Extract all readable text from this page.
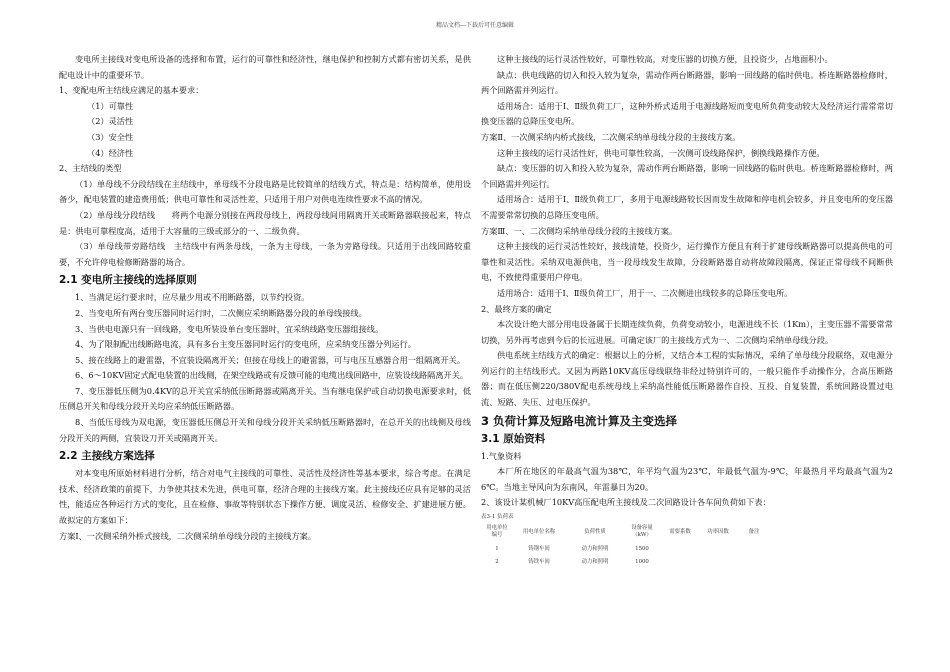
精品文档---下载后可任意编辑

变电所主接线对变电所设备的选择和布置，运行的可靠性和经济性，继电保护和控制方式都有密切关系，是供配电设计中的重要环节。

1、变配电所主结线应满足的基本要求：

（1）可靠性

（2）灵活性

（3）安全性

（4）经济性

2、主结线的类型

（1）单母线不分段结线在主结线中，单母线不分段电路是比较简单的结线方式，特点是：结构简单，使用设备少，配电装置的建造费用低；供电可靠性和灵活性差，只适用于用户对供电连续性要求不高的情况。

（2）单母线分段结线　　将两个电源分别接在两段母线上，两段母线间用隔离开关或断路器联接起来，特点是：供电可靠程度高，适用于大容量的三级或部分的一、二级负荷。

（3）单母线带旁路结线　主结线中有两条母线，一条为主母线，一条为旁路母线。只适用于出线回路较重要，不允许停电检修断路器的场合。

2.1 变电所主接线的选择原则

1、当满足运行要求时，应尽量少用或不用断路器，以节约投资。

2、当变电所有两台变压器同时运行时，二次侧应采纳断路器分段的单母线接线。

3、当供电电源只有一回线路，变电所装设单台变压器时，宜采纳线路变压器组接线。

4、为了限制配出线断路电流，具有多台主变压器同时运行的变电所，应采纳变压器分列运行。

5、接在线路上的避雷器，不宜装设隔离开关；但接在母线上的避雷器，可与电压互感器合用一组隔离开关。

6、6～10KV固定式配电装置的出线侧，在架空线路或有反馈可能的电缆出线回路中，应装设线路隔离开关。

7、变压器低压侧为0.4KV的总开关宜采纳低压断路器或隔离开关。当有继电保护或自动切换电源要求时，低压侧总开关和母线分段开关均应采纳低压断路器。

8、当低压母线为双电源，变压器低压侧总开关和母线分段开关采纳低压断路器时，在总开关的出线侧及母线分段开关的两侧，宜装设刀开关或隔离开关。

2.2 主接线方案选择

对本变电所原始材料进行分析，结合对电气主接线的可靠性、灵活性及经济性等基本要求，综合考虑。在满足技术、经济政策的前提下，力争使其技术先进，供电可靠，经济合理的主接线方案。此主接线还应具有足够的灵活性，能适应各种运行方式的变化，且在检修、事故等特别状态下操作方便、调度灵活、检修安全、扩建进展方便。故拟定的方案如下：

方案Ⅰ、一次侧采纳外桥式接线，二次侧采纳单母线分段的主接线方案。

这种主接线的运行灵活性较好，可靠性较高，对变压器的切换方便，且投资少，占地面积小。

缺点：供电线路的切入和投入较为复杂，需动作两台断路器，影响一回线路的临时供电。桥连断路器检修时，两个回路需并列运行。

适用场合：适用于Ⅰ、Ⅱ级负荷工厂，这种外桥式适用于电源线路短而变电所负荷变动较大及经济运行需常常切换变压器的总降压变电所。

方案Ⅱ、一次侧采纳内桥式接线，二次侧采纳单母线分段的主接线方案。

这种主接线的运行灵活性好，供电可靠性较高，一次侧可设线路保护，倒换线路操作方便。

缺点：变压器的切入和投入较为复杂，需动作两台断路器，影响一回线路的临时供电。桥连断路器检修时，两个回路需并列运行。

适用场合：适用于Ⅰ、Ⅱ级负荷工厂，多用于电源线路较长因而发生故障和停电机会较多，并且变电所的变压器不需要常常切换的总降压变电所。

方案Ⅲ、一、二次侧均采纳单母线分段的主接线方案。

这种主接线的运行灵活性较好，接线清楚，投资少，运行操作方便且有利于扩建母线断路器可以提高供电的可靠性和灵活性。采纳双电源供电，当一段母线发生故障，分段断路器自动将故障段隔离，保证正常母线不间断供电，不致使得重要用户停电。

适用场合：适用于Ⅰ、Ⅱ级负荷工厂，用于一、二次侧进出线较多的总降压变电所。

2、最终方案的确定

本次设计绝大部分用电设备属于长期连续负荷，负荷变动较小，电源进线不长（1Km），主变压器不需要常常切换，另外再考虑到今后的长远进展。可确定该厂的主接线方式为一、二次侧均采纳单母线分段。

供电系统主结线方式的确定：根据以上的分析，又结合本工程的实际情况，采纳了单母线分段联络，双电源分列运行的主结线形式。又因为两路10KV高压母线联络非经过特别许可的，一般只能作手动操作分，合高压断路器；而在低压侧220/380V配电系统母线上采纳高性能低压断路器作自投、互投、自复装置，系统回路设置过电流、短路、失压、过电压保护。

3 负荷计算及短路电流计算及主变选择

3.1 原始资料

1.气象资料

本厂所在地区的年最高气温为38℃，年平均气温为23℃，年最低气温为-9℃，年最热月平均最高气温为26℃。当地主导风向为东南风，年雷暴日为20。

2、该设计某机械厂10KV高压配电所主接线及二次回路设计各车间负荷如下表：

表3-1 负荷表
用电单位编号	用电单位名称	负荷性质	设备容量（kW）	需要系数	功率因数	备注
1	铸钢车间	动力和照明	1500			
2	铸铁车间	动力和照明	1000			
